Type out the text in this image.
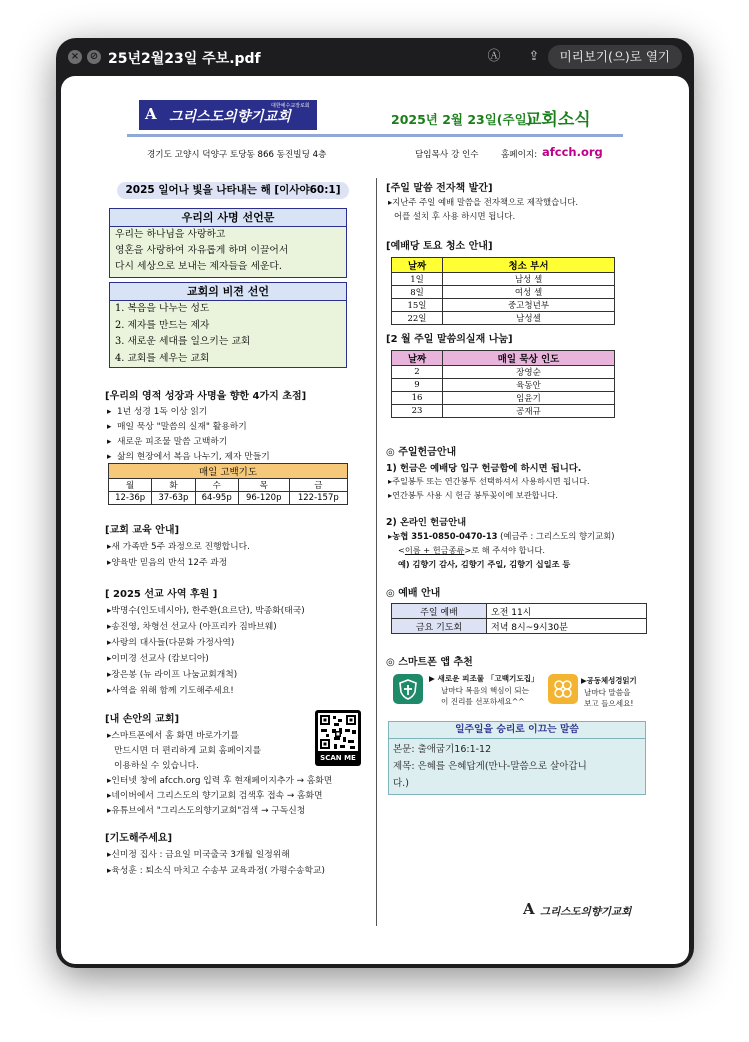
× ⊘ 25년2월23일 주보.pdf	Ⓐ	⇪	미리보기(으)로 열기
A 그리스도의향기교회
대한예수교장로회
2025년 2월 23일(주일)
교회소식
경기도 고양시 덕양구 토당동 866 동진빌딩 4층	담임목사 강 인수	홈페이지: afcch.org
2025 일어나 빛을 나타내는 해 [이사야60:1]
우리의 사명 선언문
우리는 하나님을 사랑하고
영혼을 사랑하여 자유롭게 하며 이끌어서
다시 세상으로 보내는 제자들을 세운다.
교회의 비젼 선언
1. 복음을 나누는 성도
2. 제자를 만드는 제자
3. 새로운 세대를 일으키는 교회
4. 교회를 세우는 교회
[우리의 영적 성장과 사명을 향한 4가지 초점]
▸  1년 성경 1독 이상 읽기
▸  매일 묵상 "말씀의 실재" 활용하기
▸  새로운 피조물 말씀 고백하기
▸  삶의 현장에서 복음 나누기, 제자 만들기
매일 고백기도				
월	화	수	목	금
12-36p	37-63p	64-95p	96-120p	122-157p
[교회 교육 안내]
▸새 가족반 5주 과정으로 진행합니다.
▸양육반 믿음의 반석 12주 과정
[ 2025 선교 사역 후원 ]
▸박명수(인도네시아), 한주환(요르단), 박종화(태국)
▸송진영, 차형선 선교사 (아프리카 짐바브웨)
▸사랑의 대사들(다문화 가정사역)
▸이미경 선교사 (캄보디아)
▸장은봉 (뉴 라이프 나눔교회개척)
▸사역을 위해 함께 기도해주세요!
[내 손안의 교회]
▸스마트폰에서 홈 화면 바로가기를
만드시면 더 편리하게 교회 홈페이지를
이용하실 수 있습니다.
▸인터넷 창에 afcch.org 입력 후 현재페이지추가 → 홈화면
▸네이버에서 그리스도의 향기교회 검색후 접속 → 홈화면
▸유튜브에서 "그리스도의향기교회"검색 → 구독신청
SCAN ME
[기도해주세요]
▸신미정 집사 : 금요일 미국출국 3개월 일정위해
▸육성훈 : 퇴소식 마치고 수송부 교육과정( 가평수송학교)
[주일 말씀 전자책 발간]
▸지난주 주일 예배 말씀을 전자책으로 제작했습니다.
어플 설치 후 사용 하시면 됩니다.
[예배당 토요 청소 안내]
날짜	청소 부서
1일	남성 셀
8일	여성 셀
15일	중고청년부
22일	남성셀
[2 월 주일 말씀의실재 나눔]
날짜	매일 묵상 인도
2	장영순
9	육동안
16	임윤기
23	공재규
◎ 주일헌금안내
1) 헌금은 예배당 입구 헌금함에 하시면 됩니다.
▸주일봉투 또는 연간봉투 선택하셔서 사용하시면 됩니다.
▸연간봉투 사용 시 헌금 봉투꽂이에 보관합니다.
2) 온라인 헌금안내
▸농협 351-0850-0470-13 (예금주 : 그리스도의 향기교회)
<이름 + 헌금종류>로 해 주셔야 합니다.
예) 김향기 감사, 김향기 주일, 김향기 십일조 등
◎ 예배 안내
주일 예배	오전 11시
금요 기도회	저녁 8시~9시30분
◎ 스마트폰 앱 추천
▶ 새로운 피조물 「고백기도집」
날마다 복음의 핵심이 되는
이 진리를 선포하세요^^
▶공동체성경읽기
날마다 말씀을
보고 들으세요!
일주일을 승리로 이끄는 말씀
본문: 출애굽기16:1-12
제목: 은혜를 은혜답게(만나-말씀으로 살아갑니
다.)
A 그리스도의향기교회
